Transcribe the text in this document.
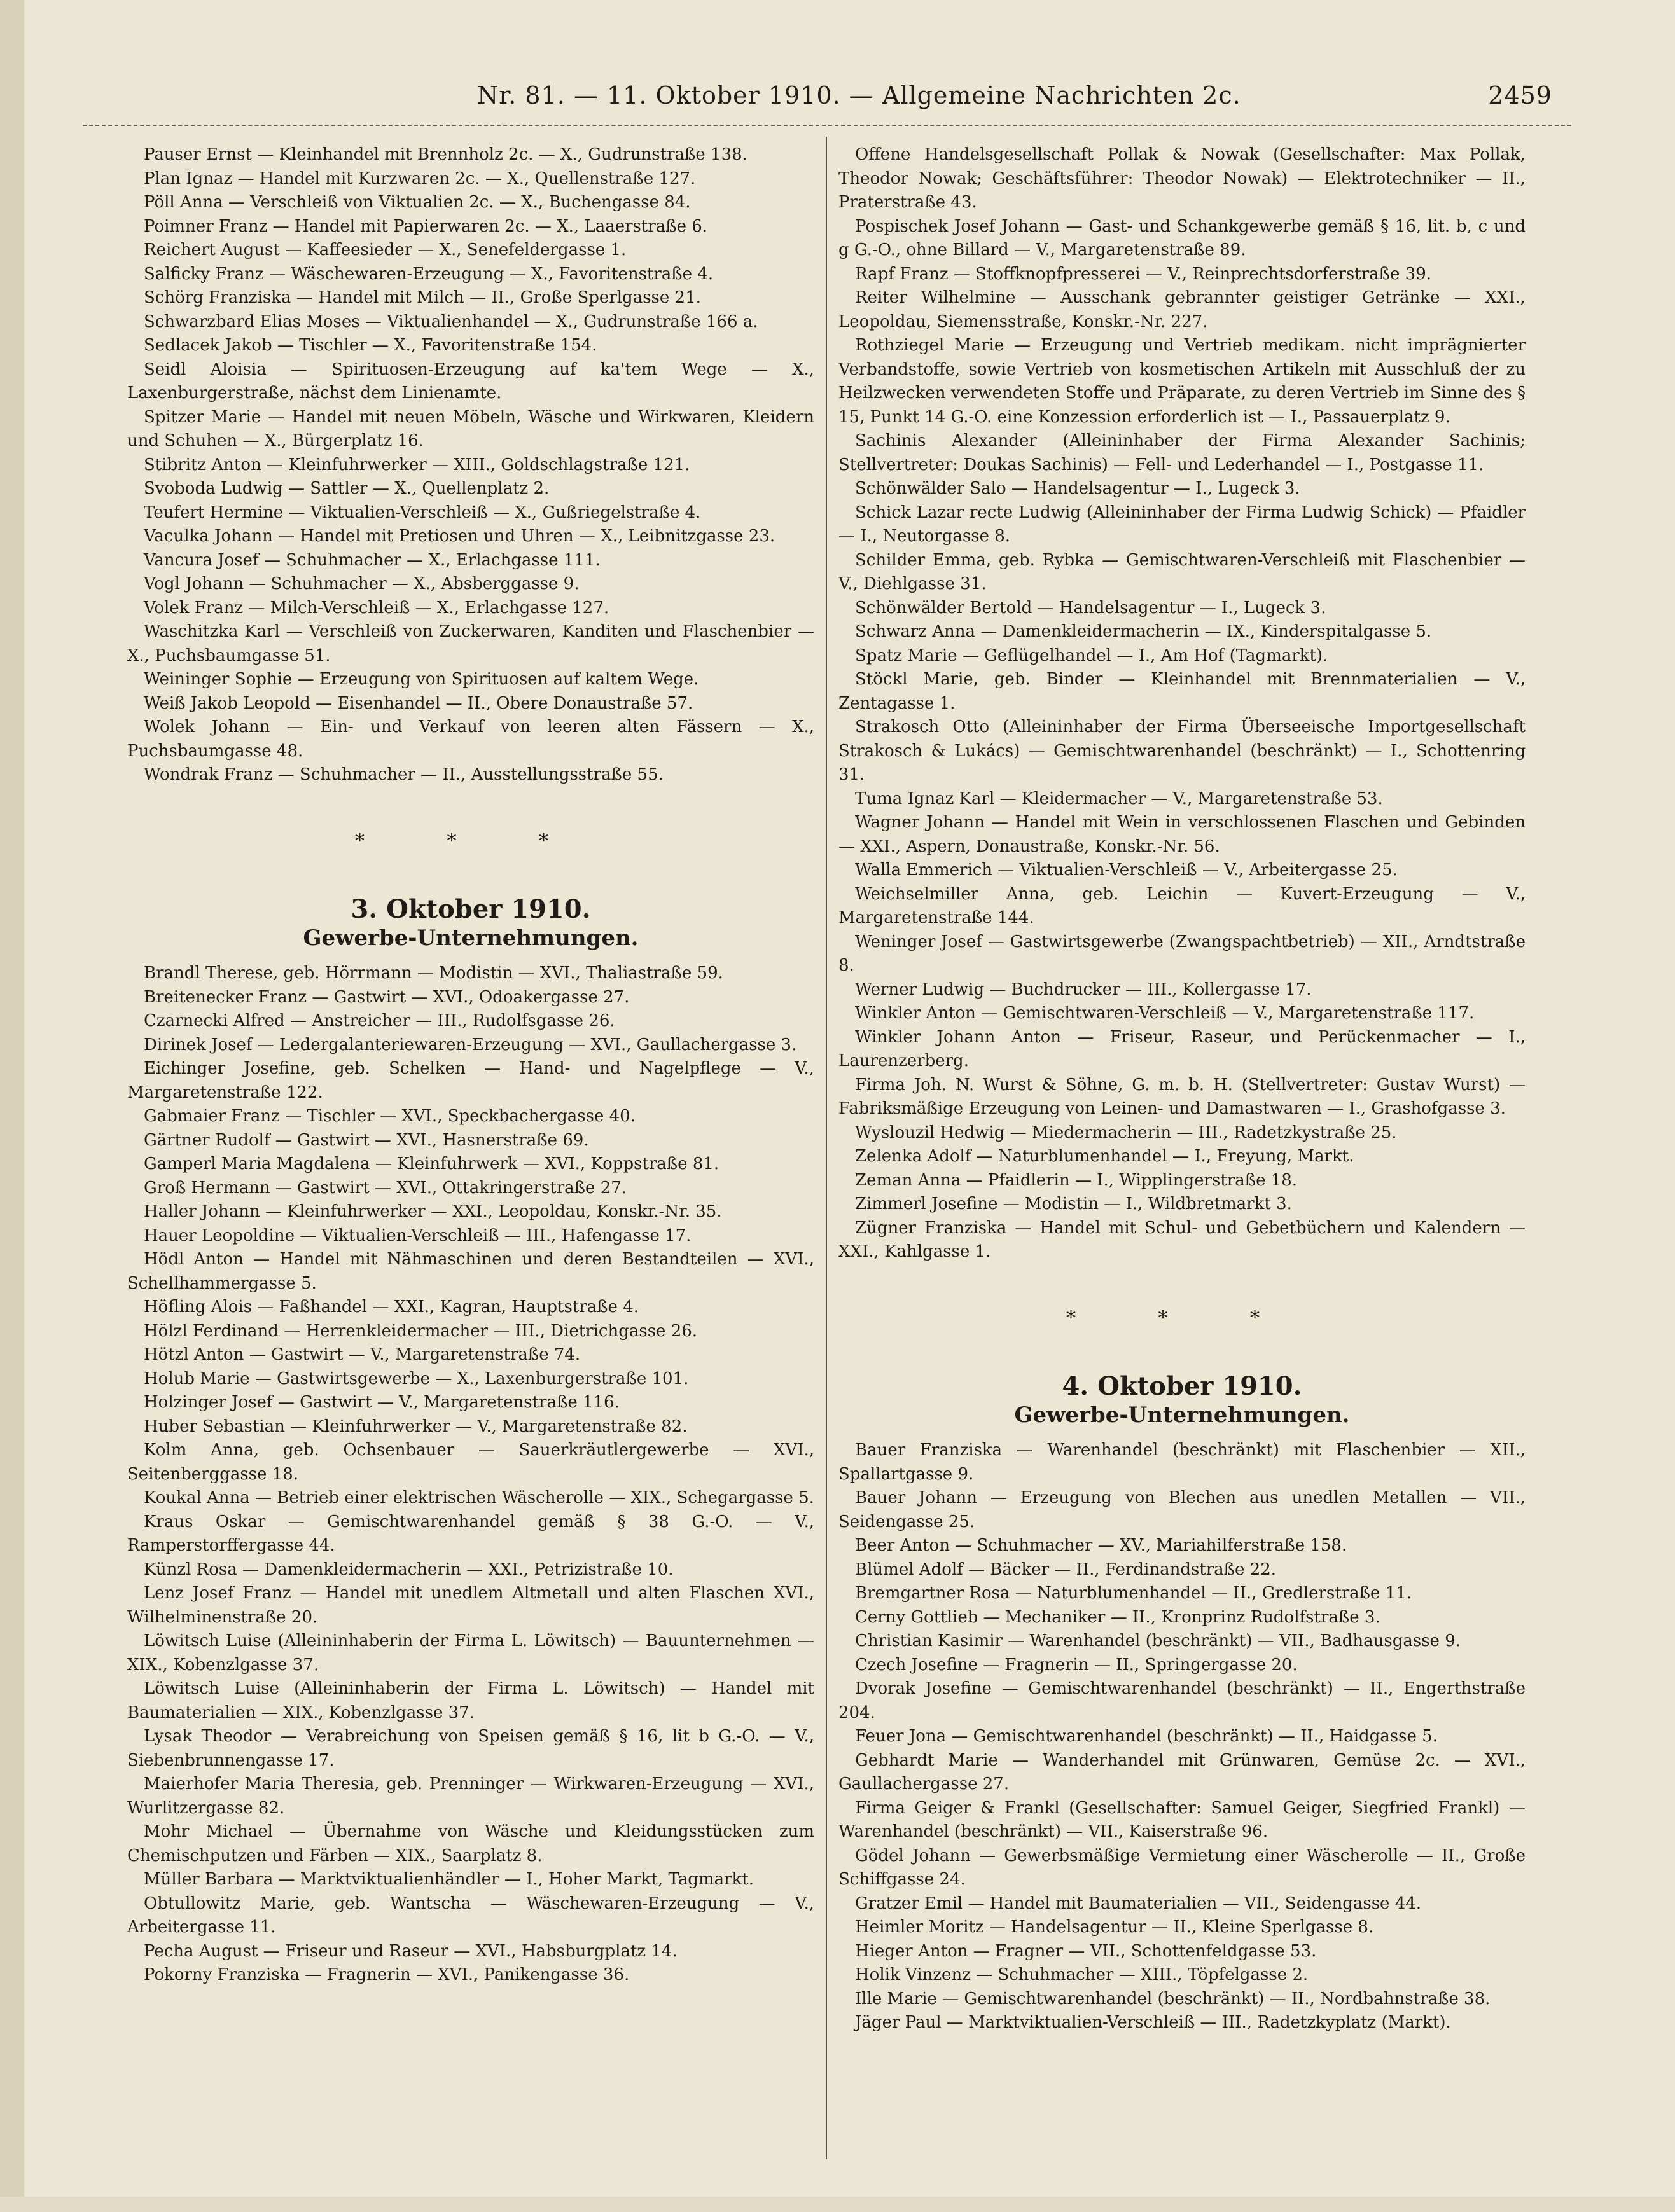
Nr. 81. — 11. Oktober 1910. — Allgemeine Nachrichten 2c.	2459

Pauser Ernst — Kleinhandel mit Brennholz 2c. — X., Gudrunstraße 138.

Plan Ignaz — Handel mit Kurzwaren 2c. — X., Quellenstraße 127.

Pöll Anna — Verschleiß von Viktualien 2c. — X., Buchengasse 84.

Poimner Franz — Handel mit Papierwaren 2c. — X., Laaerstraße 6.

Reichert August — Kaffeesieder — X., Senefeldergasse 1.

Salficky Franz — Wäschewaren-Erzeugung — X., Favoritenstraße 4.

Schörg Franziska — Handel mit Milch — II., Große Sperlgasse 21.

Schwarzbard Elias Moses — Viktualienhandel — X., Gudrunstraße 166 a.

Sedlacek Jakob — Tischler — X., Favoritenstraße 154.

Seidl Aloisia — Spirituosen-Erzeugung auf ka'tem Wege — X., Laxenburgerstraße, nächst dem Linienamte.

Spitzer Marie — Handel mit neuen Möbeln, Wäsche und Wirkwaren, Kleidern und Schuhen — X., Bürgerplatz 16.

Stibritz Anton — Kleinfuhrwerker — XIII., Goldschlagstraße 121.

Svoboda Ludwig — Sattler — X., Quellenplatz 2.

Teufert Hermine — Viktualien-Verschleiß — X., Gußriegelstraße 4.

Vaculka Johann — Handel mit Pretiosen und Uhren — X., Leibnitzgasse 23.

Vancura Josef — Schuhmacher — X., Erlachgasse 111.

Vogl Johann — Schuhmacher — X., Absberggasse 9.

Volek Franz — Milch-Verschleiß — X., Erlachgasse 127.

Waschitzka Karl — Verschleiß von Zuckerwaren, Kanditen und Flaschenbier — X., Puchsbaumgasse 51.

Weininger Sophie — Erzeugung von Spirituosen auf kaltem Wege.

Weiß Jakob Leopold — Eisenhandel — II., Obere Donaustraße 57.

Wolek Johann — Ein- und Verkauf von leeren alten Fässern — X., Puchsbaumgasse 48.

Wondrak Franz — Schuhmacher — II., Ausstellungsstraße 55.

* * *
3. Oktober 1910.
Gewerbe-Unternehmungen.

Brandl Therese, geb. Hörrmann — Modistin — XVI., Thaliastraße 59.

Breitenecker Franz — Gastwirt — XVI., Odoakergasse 27.

Czarnecki Alfred — Anstreicher — III., Rudolfsgasse 26.

Dirinek Josef — Ledergalanteriewaren-Erzeugung — XVI., Gaullachergasse 3.

Eichinger Josefine, geb. Schelken — Hand- und Nagelpflege — V., Margaretenstraße 122.

Gabmaier Franz — Tischler — XVI., Speckbachergasse 40.

Gärtner Rudolf — Gastwirt — XVI., Hasnerstraße 69.

Gamperl Maria Magdalena — Kleinfuhrwerk — XVI., Koppstraße 81.

Groß Hermann — Gastwirt — XVI., Ottakringerstraße 27.

Haller Johann — Kleinfuhrwerker — XXI., Leopoldau, Konskr.-Nr. 35.

Hauer Leopoldine — Viktualien-Verschleiß — III., Hafengasse 17.

Hödl Anton — Handel mit Nähmaschinen und deren Bestandteilen — XVI., Schellhammergasse 5.

Höfling Alois — Faßhandel — XXI., Kagran, Hauptstraße 4.

Hölzl Ferdinand — Herrenkleidermacher — III., Dietrichgasse 26.

Hötzl Anton — Gastwirt — V., Margaretenstraße 74.

Holub Marie — Gastwirtsgewerbe — X., Laxenburgerstraße 101.

Holzinger Josef — Gastwirt — V., Margaretenstraße 116.

Huber Sebastian — Kleinfuhrwerker — V., Margaretenstraße 82.

Kolm Anna, geb. Ochsenbauer — Sauerkräutlergewerbe — XVI., Seitenberggasse 18.

Koukal Anna — Betrieb einer elektrischen Wäscherolle — XIX., Schegargasse 5.

Kraus Oskar — Gemischtwarenhandel gemäß § 38 G.-O. — V., Ramperstorffergasse 44.

Künzl Rosa — Damenkleidermacherin — XXI., Petrizistraße 10.

Lenz Josef Franz — Handel mit unedlem Altmetall und alten Flaschen XVI., Wilhelminenstraße 20.

Löwitsch Luise (Alleininhaberin der Firma L. Löwitsch) — Bauunternehmen — XIX., Kobenzlgasse 37.

Löwitsch Luise (Alleininhaberin der Firma L. Löwitsch) — Handel mit Baumaterialien — XIX., Kobenzlgasse 37.

Lysak Theodor — Verabreichung von Speisen gemäß § 16, lit b G.-O. — V., Siebenbrunnengasse 17.

Maierhofer Maria Theresia, geb. Prenninger — Wirkwaren-Erzeugung — XVI., Wurlitzergasse 82.

Mohr Michael — Übernahme von Wäsche und Kleidungsstücken zum Chemischputzen und Färben — XIX., Saarplatz 8.

Müller Barbara — Marktviktualienhändler — I., Hoher Markt, Tagmarkt.

Obtullowitz Marie, geb. Wantscha — Wäschewaren-Erzeugung — V., Arbeitergasse 11.

Pecha August — Friseur und Raseur — XVI., Habsburgplatz 14.

Pokorny Franziska — Fragnerin — XVI., Panikengasse 36.

Offene Handelsgesellschaft Pollak & Nowak (Gesellschafter: Max Pollak, Theodor Nowak; Geschäftsführer: Theodor Nowak) — Elektrotechniker — II., Praterstraße 43.

Pospischek Josef Johann — Gast- und Schankgewerbe gemäß § 16, lit. b, c und g G.-O., ohne Billard — V., Margaretenstraße 89.

Rapf Franz — Stoffknopfpresserei — V., Reinprechtsdorferstraße 39.

Reiter Wilhelmine — Ausschank gebrannter geistiger Getränke — XXI., Leopoldau, Siemensstraße, Konskr.-Nr. 227.

Rothziegel Marie — Erzeugung und Vertrieb medikam. nicht imprägnierter Verbandstoffe, sowie Vertrieb von kosmetischen Artikeln mit Ausschluß der zu Heilzwecken verwendeten Stoffe und Präparate, zu deren Vertrieb im Sinne des § 15, Punkt 14 G.-O. eine Konzession erforderlich ist — I., Passauerplatz 9.

Sachinis Alexander (Alleininhaber der Firma Alexander Sachinis; Stellvertreter: Doukas Sachinis) — Fell- und Lederhandel — I., Postgasse 11.

Schönwälder Salo — Handelsagentur — I., Lugeck 3.

Schick Lazar recte Ludwig (Alleininhaber der Firma Ludwig Schick) — Pfaidler — I., Neutorgasse 8.

Schilder Emma, geb. Rybka — Gemischtwaren-Verschleiß mit Flaschenbier — V., Diehlgasse 31.

Schönwälder Bertold — Handelsagentur — I., Lugeck 3.

Schwarz Anna — Damenkleidermacherin — IX., Kinderspitalgasse 5.

Spatz Marie — Geflügelhandel — I., Am Hof (Tagmarkt).

Stöckl Marie, geb. Binder — Kleinhandel mit Brennmaterialien — V., Zentagasse 1.

Strakosch Otto (Alleininhaber der Firma Überseeische Importgesellschaft Strakosch & Lukács) — Gemischtwarenhandel (beschränkt) — I., Schottenring 31.

Tuma Ignaz Karl — Kleidermacher — V., Margaretenstraße 53.

Wagner Johann — Handel mit Wein in verschlossenen Flaschen und Gebinden — XXI., Aspern, Donaustraße, Konskr.-Nr. 56.

Walla Emmerich — Viktualien-Verschleiß — V., Arbeitergasse 25.

Weichselmiller Anna, geb. Leichin — Kuvert-Erzeugung — V., Margaretenstraße 144.

Weninger Josef — Gastwirtsgewerbe (Zwangspachtbetrieb) — XII., Arndtstraße 8.

Werner Ludwig — Buchdrucker — III., Kollergasse 17.

Winkler Anton — Gemischtwaren-Verschleiß — V., Margaretenstraße 117.

Winkler Johann Anton — Friseur, Raseur, und Perückenmacher — I., Laurenzerberg.

Firma Joh. N. Wurst & Söhne, G. m. b. H. (Stellvertreter: Gustav Wurst) — Fabriksmäßige Erzeugung von Leinen- und Damastwaren — I., Grashofgasse 3.

Wyslouzil Hedwig — Miedermacherin — III., Radetzkystraße 25.

Zelenka Adolf — Naturblumenhandel — I., Freyung, Markt.

Zeman Anna — Pfaidlerin — I., Wipplingerstraße 18.

Zimmerl Josefine — Modistin — I., Wildbretmarkt 3.

Zügner Franziska — Handel mit Schul- und Gebetbüchern und Kalendern — XXI., Kahlgasse 1.

* * *
4. Oktober 1910.
Gewerbe-Unternehmungen.

Bauer Franziska — Warenhandel (beschränkt) mit Flaschenbier — XII., Spallartgasse 9.

Bauer Johann — Erzeugung von Blechen aus unedlen Metallen — VII., Seidengasse 25.

Beer Anton — Schuhmacher — XV., Mariahilferstraße 158.

Blümel Adolf — Bäcker — II., Ferdinandstraße 22.

Bremgartner Rosa — Naturblumenhandel — II., Gredlerstraße 11.

Cerny Gottlieb — Mechaniker — II., Kronprinz Rudolfstraße 3.

Christian Kasimir — Warenhandel (beschränkt) — VII., Badhausgasse 9.

Czech Josefine — Fragnerin — II., Springergasse 20.

Dvorak Josefine — Gemischtwarenhandel (beschränkt) — II., Engerthstraße 204.

Feuer Jona — Gemischtwarenhandel (beschränkt) — II., Haidgasse 5.

Gebhardt Marie — Wanderhandel mit Grünwaren, Gemüse 2c. — XVI., Gaullachergasse 27.

Firma Geiger & Frankl (Gesellschafter: Samuel Geiger, Siegfried Frankl) — Warenhandel (beschränkt) — VII., Kaiserstraße 96.

Gödel Johann — Gewerbsmäßige Vermietung einer Wäscherolle — II., Große Schiffgasse 24.

Gratzer Emil — Handel mit Baumaterialien — VII., Seidengasse 44.

Heimler Moritz — Handelsagentur — II., Kleine Sperlgasse 8.

Hieger Anton — Fragner — VII., Schottenfeldgasse 53.

Holik Vinzenz — Schuhmacher — XIII., Töpfelgasse 2.

Ille Marie — Gemischtwarenhandel (beschränkt) — II., Nordbahnstraße 38.

Jäger Paul — Marktviktualien-Verschleiß — III., Radetzkyplatz (Markt).
